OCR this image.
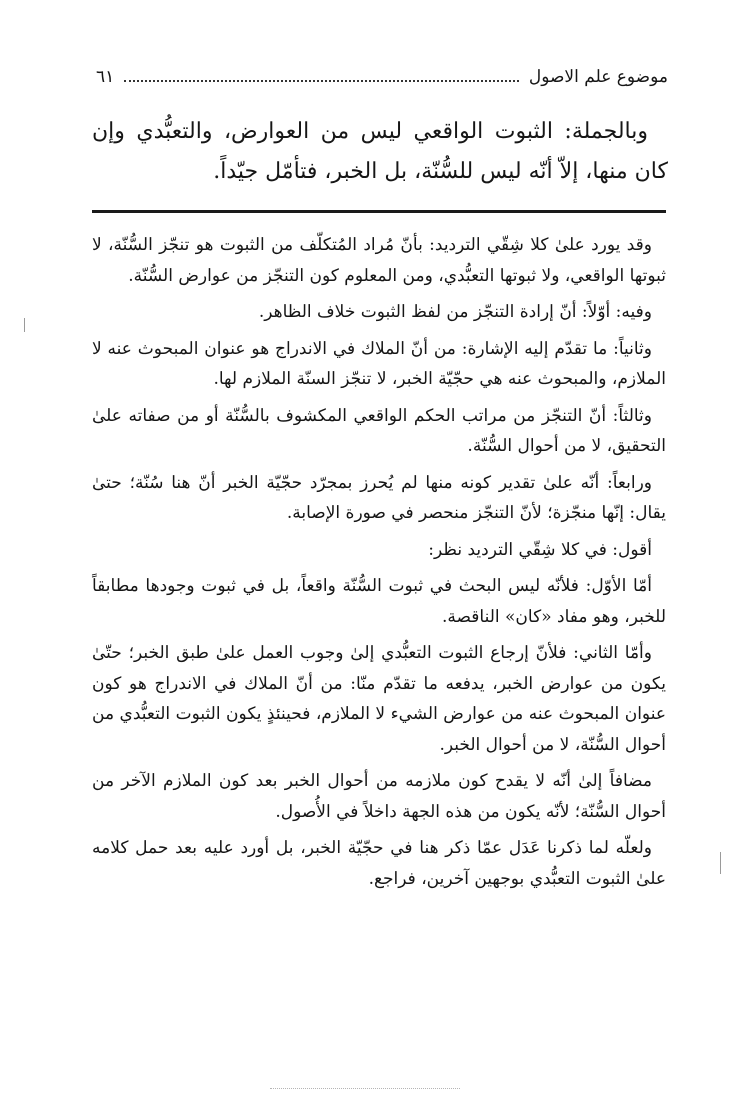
موضوع علم الاصول
٦١

وبالجملة: الثبوت الواقعي ليس من العوارض، والتعبُّدي وإن كان منها، إلاّ أنّه ليس للسُّنّة، بل الخبر، فتأمّل جيّداً.

وقد يورد علىٰ كلا شِقّي الترديد: بأنّ مُراد المُتكلّف من الثبوت هو تنجّز السُّنّة، لا ثبوتها الواقعي، ولا ثبوتها التعبُّدي، ومن المعلوم كون التنجّز من عوارض السُّنّة.

وفيه: أوّلاً: أنّ إرادة التنجّز من لفظ الثبوت خلاف الظاهر.

وثانياً: ما تقدّم إليه الإشارة: من أنّ الملاك في الاندراج هو عنوان المبحوث عنه لا الملازم، والمبحوث عنه هي حجّيّة الخبر، لا تنجّز السنّة الملازم لها.

وثالثاً: أنّ التنجّز من مراتب الحكم الواقعي المكشوف بالسُّنّة أو من صفاته علىٰ التحقيق، لا من أحوال السُّنّة.

ورابعاً: أنّه علىٰ تقدير كونه منها لم يُحرز بمجرّد حجّيّة الخبر أنّ هنا سُنّة؛ حتىٰ يقال: إنّها منجّزة؛ لأنّ التنجّز منحصر في صورة الإصابة.

أقول: في كلا شِقّي الترديد نظر:

أمّا الأوّل: فلأنّه ليس البحث في ثبوت السُّنّة واقعاً، بل في ثبوت وجودها مطابقاً للخبر، وهو مفاد «كان» الناقصة.

وأمّا الثاني: فلأنّ إرجاع الثبوت التعبُّدي إلىٰ وجوب العمل علىٰ طبق الخبر؛ حتّىٰ يكون من عوارض الخبر، يدفعه ما تقدّم منّا: من أنّ الملاك في الاندراج هو كون عنوان المبحوث عنه من عوارض الشيء لا الملازم، فحينئذٍ يكون الثبوت التعبُّدي من أحوال السُّنّة، لا من أحوال الخبر.

مضافاً إلىٰ أنّه لا يقدح كون ملازمه من أحوال الخبر بعد كون الملازم الآخر من أحوال السُّنّة؛ لأنّه يكون من هذه الجهة داخلاً في الأُصول.

ولعلّه لما ذكرنا عَدَل عمّا ذكر هنا في حجّيّة الخبر، بل أورد عليه بعد حمل كلامه علىٰ الثبوت التعبُّدي بوجهين آخرين، فراجع.
